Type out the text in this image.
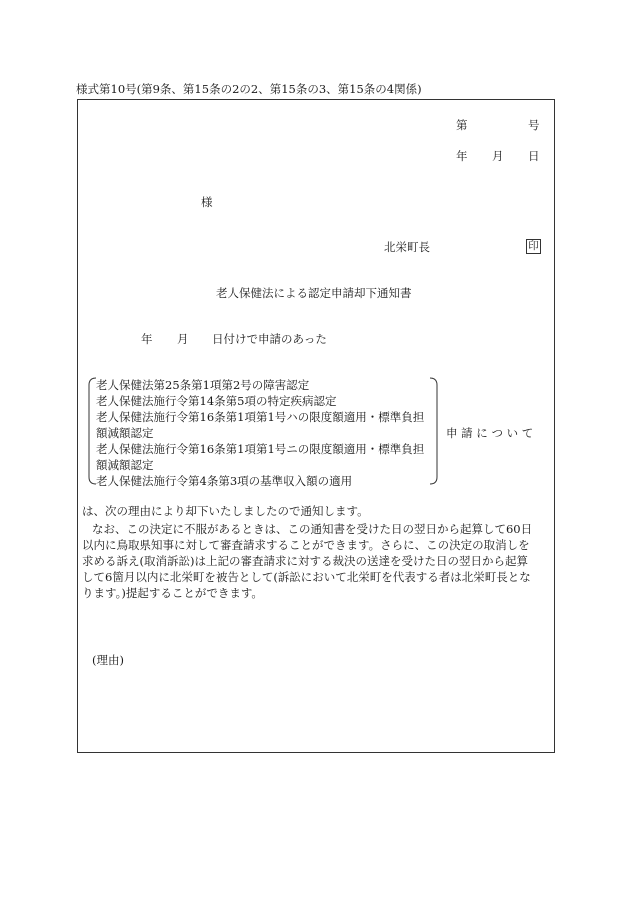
様式第10号(第9条、第15条の2の2、第15条の3、第15条の4関係)
第	号
年 月 日
様
北栄町長	印
老人保健法による認定申請却下通知書
年 月 日付けで申請のあった
老人保健法第25条第1項第2号の障害認定
老人保健法施行令第14条第5項の特定疾病認定
老人保健法施行令第16条第1項第1号ハの限度額適用・標準負担
額減額認定
老人保健法施行令第16条第1項第1号ニの限度額適用・標準負担
額減額認定
老人保健法施行令第4条第3項の基準収入額の適用
申 請 に つ い て
は、次の理由により却下いたしましたので通知します。
なお、この決定に不服があるときは、この通知書を受けた日の翌日から起算して60日
以内に鳥取県知事に対して審査請求することができます。さらに、この決定の取消しを
求める訴え(取消訴訟)は上記の審査請求に対する裁決の送達を受けた日の翌日から起算
して6箇月以内に北栄町を被告として(訴訟において北栄町を代表する者は北栄町長とな
ります。)提起することができます。
(理由)
